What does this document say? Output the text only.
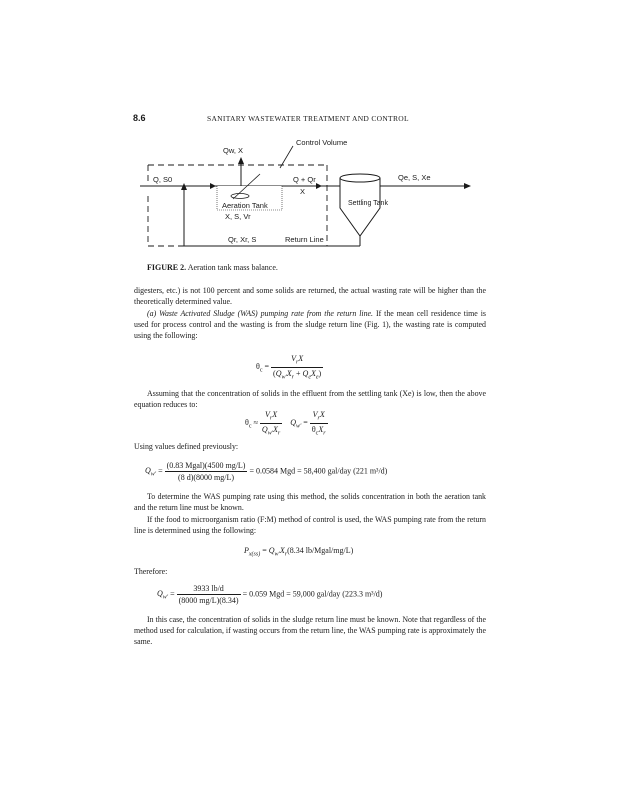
8.6	SANITARY WASTEWATER TREATMENT AND CONTROL
Control Volume
Qw, X
Q, S0	Q + Qr
X
Aeration Tank
X, S, Vr
Settling Tank
Qe, S, Xe
Qr, Xr, S	Return Line
FIGURE 2. Aeration tank mass balance.

digesters, etc.) is not 100 percent and some solids are returned, the actual wasting rate will be higher than the theoretically determined value.

(a) Waste Activated Sludge (WAS) pumping rate from the return line. If the mean cell residence time is used for process control and the wasting is from the sludge return line (Fig. 1), the wasting rate is computed using the following:

$\theta_c = \frac{V_rX}{(Q_{w'}X_r + Q_eX_e)}$

Assuming that the concentration of solids in the effluent from the settling tank (Xe) is low, then the above equation reduces to:

$\theta_c \approx \frac{V_rX}{Q_{w'}X_r} Q_{w'} = \frac{V_rX}{\theta_cX_r}$

Using values defined previously:

$Q_{w'} = \frac{\text{(0.83 Mgal)(4500 mg/L)}}{(8 d)(8000 mg/L)} = 0.0584$ Mgd = 58,400 gal/day (221 m³/d)

To determine the WAS pumping rate using this method, the solids concentration in both the aeration tank and the return line must be known.

If the food to microorganism ratio (F:M) method of control is used, the WAS pumping rate from the return line is determined using the following:

$P_{x(ss)} = Q_{w'}X_r(8.34$ lb/Mgal/mg/L)

Therefore:

$Q_{w'} = \frac{3933 lb/d}{(8000 mg/L)(8.34)} = 0.059$ Mgd = 59,000 gal/day (223.3 m³/d)

In this case, the concentration of solids in the sludge return line must be known. Note that regardless of the method used for calculation, if wasting occurs from the return line, the WAS pumping rate is approximately the same.
